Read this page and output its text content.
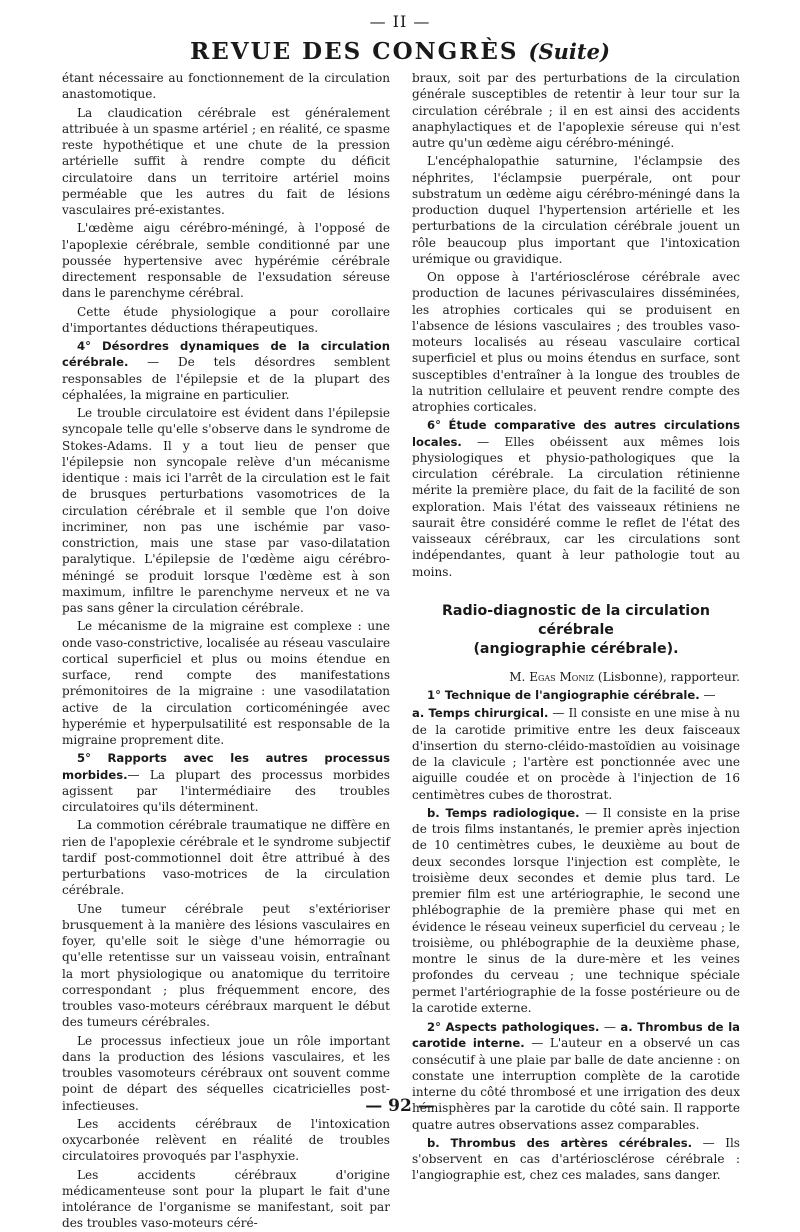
— II —
REVUE DES CONGRÈS (Suite)

étant nécessaire au fonctionnement de la circulation anastomotique.

La claudication cérébrale est généralement attribuée à un spasme artériel ; en réalité, ce spasme reste hypothétique et une chute de la pression artérielle suffit à rendre compte du déficit circulatoire dans un territoire artériel moins perméable que les autres du fait de lésions vasculaires pré-existantes.

L'œdème aigu cérébro-méningé, à l'opposé de l'apoplexie cérébrale, semble conditionné par une poussée hypertensive avec hypérémie cérébrale directement responsable de l'exsudation séreuse dans le parenchyme cérébral.

Cette étude physiologique a pour corollaire d'importantes déductions thérapeutiques.

4° Désordres dynamiques de la circulation cérébrale. — De tels désordres semblent responsables de l'épilepsie et de la plupart des céphalées, la migraine en particulier.

Le trouble circulatoire est évident dans l'épilepsie syncopale telle qu'elle s'observe dans le syndrome de Stokes-Adams. Il y a tout lieu de penser que l'épilepsie non syncopale relève d'un mécanisme identique : mais ici l'arrêt de la circulation est le fait de brusques perturbations vasomotrices de la circulation cérébrale et il semble que l'on doive incriminer, non pas une ischémie par vaso-constriction, mais une stase par vaso-dilatation paralytique. L'épilepsie de l'œdème aigu cérébro-méningé se produit lorsque l'œdème est à son maximum, infiltre le parenchyme nerveux et ne va pas sans gêner la circulation cérébrale.

Le mécanisme de la migraine est complexe : une onde vaso-constrictive, localisée au réseau vasculaire cortical superficiel et plus ou moins étendue en surface, rend compte des manifestations prémonitoires de la migraine : une vasodilatation active de la circulation corticoméningée avec hyperémie et hyperpulsatilité est responsable de la migraine proprement dite.

5° Rapports avec les autres processus morbides.— La plupart des processus morbides agissent par l'intermédiaire des troubles circulatoires qu'ils déterminent.

La commotion cérébrale traumatique ne diffère en rien de l'apoplexie cérébrale et le syndrome subjectif tardif post-commotionnel doit être attribué à des perturbations vaso-motrices de la circulation cérébrale.

Une tumeur cérébrale peut s'extérioriser brusquement à la manière des lésions vasculaires en foyer, qu'elle soit le siège d'une hémorragie ou qu'elle retentisse sur un vaisseau voisin, entraînant la mort physiologique ou anatomique du territoire correspondant ; plus fréquemment encore, des troubles vaso-moteurs cérébraux marquent le début des tumeurs cérébrales.

Le processus infectieux joue un rôle important dans la production des lésions vasculaires, et les troubles vasomoteurs cérébraux ont souvent comme point de départ des séquelles cicatricielles post-infectieuses.

Les accidents cérébraux de l'intoxication oxycarbonée relèvent en réalité de troubles circulatoires provoqués par l'asphyxie.

Les accidents cérébraux d'origine médicamenteuse sont pour la plupart le fait d'une intolérance de l'organisme se manifestant, soit par des troubles vaso-moteurs céré-

braux, soit par des perturbations de la circulation générale susceptibles de retentir à leur tour sur la circulation cérébrale ; il en est ainsi des accidents anaphylactiques et de l'apoplexie séreuse qui n'est autre qu'un œdème aigu cérébro-méningé.

L'encéphalopathie saturnine, l'éclampsie des néphrites, l'éclampsie puerpérale, ont pour substratum un œdème aigu cérébro-méningé dans la production duquel l'hypertension artérielle et les perturbations de la circulation cérébrale jouent un rôle beaucoup plus important que l'intoxication urémique ou gravidique.

On oppose à l'artériosclérose cérébrale avec production de lacunes périvasculaires disséminées, les atrophies corticales qui se produisent en l'absence de lésions vasculaires ; des troubles vaso-moteurs localisés au réseau vasculaire cortical superficiel et plus ou moins étendus en surface, sont susceptibles d'entraîner à la longue des troubles de la nutrition cellulaire et peuvent rendre compte des atrophies corticales.

6° Étude comparative des autres circulations locales. — Elles obéissent aux mêmes lois physiologiques et physio-pathologiques que la circulation cérébrale. La circulation rétinienne mérite la première place, du fait de la facilité de son exploration. Mais l'état des vaisseaux rétiniens ne saurait être considéré comme le reflet de l'état des vaisseaux cérébraux, car les circulations sont indépendantes, quant à leur pathologie tout au moins.

Radio-diagnostic de la circulation cérébrale
(angiographie cérébrale).

M. Egas Moniz (Lisbonne), rapporteur.

1° Technique de l'angiographie cérébrale. —

a. Temps chirurgical. — Il consiste en une mise à nu de la carotide primitive entre les deux faisceaux d'insertion du sterno-cléido-mastoïdien au voisinage de la clavicule ; l'artère est ponctionnée avec une aiguille coudée et on procède à l'injection de 16 centimètres cubes de thorostrat.

b. Temps radiologique. — Il consiste en la prise de trois films instantanés, le premier après injection de 10 centimètres cubes, le deuxième au bout de deux secondes lorsque l'injection est complète, le troisième deux secondes et demie plus tard. Le premier film est une artériographie, le second une phlébographie de la première phase qui met en évidence le réseau veineux superficiel du cerveau ; le troisième, ou phlébographie de la deuxième phase, montre le sinus de la dure-mère et les veines profondes du cerveau ; une technique spéciale permet l'artériographie de la fosse postérieure ou de la carotide externe.

2° Aspects pathologiques. — a. Thrombus de la carotide interne. — L'auteur en a observé un cas consécutif à une plaie par balle de date ancienne : on constate une interruption complète de la carotide interne du côté thrombosé et une irrigation des deux hémisphères par la carotide du côté sain. Il rapporte quatre autres observations assez comparables.

b. Thrombus des artères cérébrales. — Ils s'observent en cas d'artériosclérose cérébrale : l'angiographie est, chez ces malades, sans danger.

— 92 —
